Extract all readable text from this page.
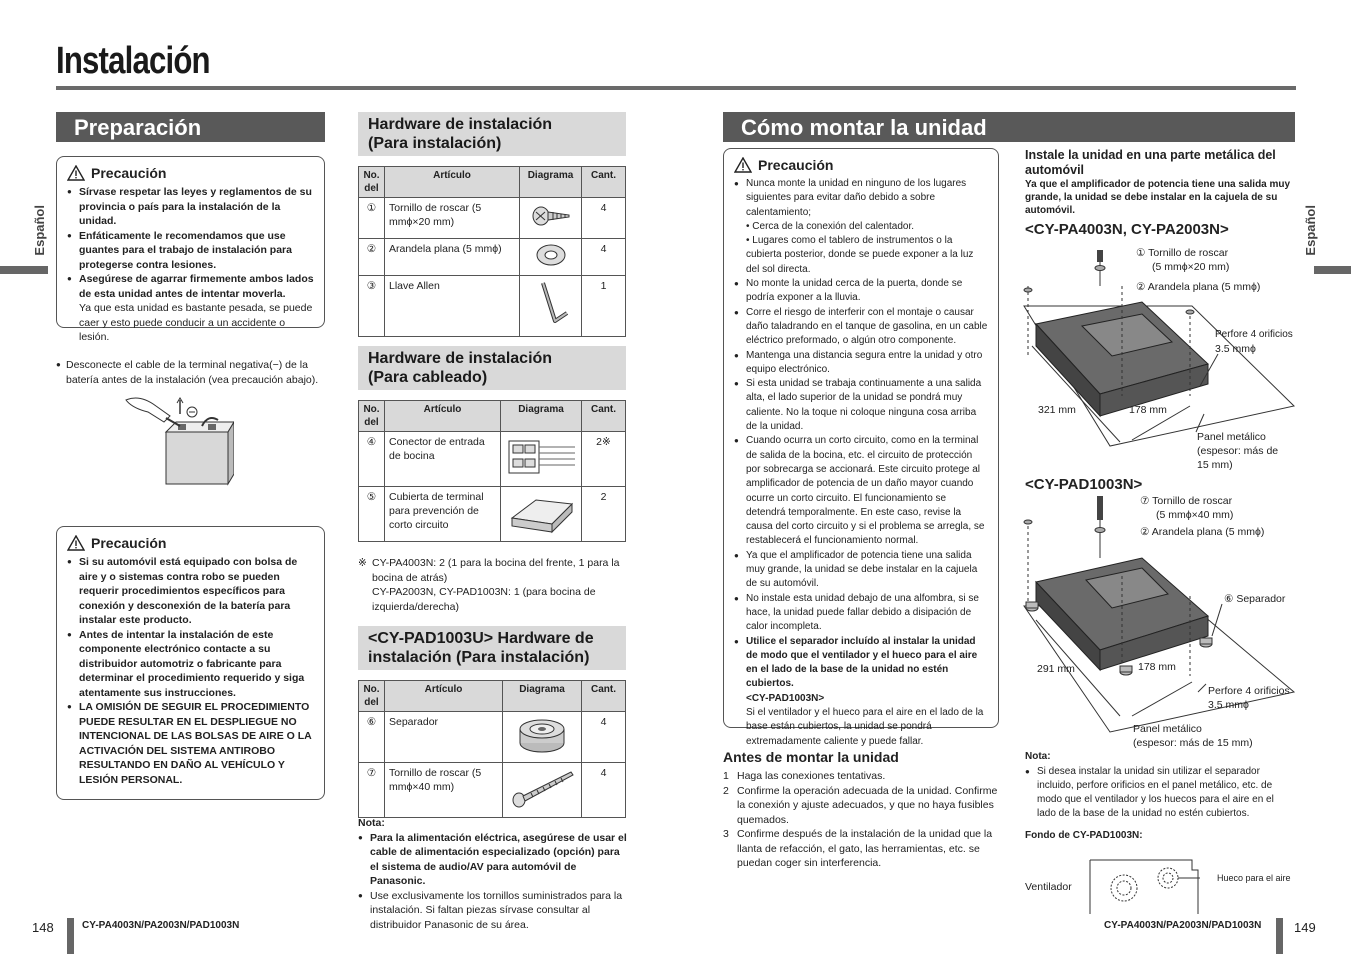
Instalación
Español	Español
Preparación
Precaución
● Sírvase respetar las leyes y reglamentos de su provincia o país para la instalación de la unidad.
● Enfáticamente le recomendamos que use guantes para el trabajo de instalación para protegerse contra lesiones.
● Asegúrese de agarrar firmemente ambos lados de esta unidad antes de intentar moverla.
Ya que esta unidad es bastante pesada, se puede caer y esto puede conducir a un accidente o lesión.
● Desconecte el cable de la terminal negativa(−) de la batería antes de la instalación (vea precaución abajo).
Precaución
● Si su automóvil está equipado con bolsa de aire y o sistemas contra robo se pueden requerir procedimientos específicos para conexión y desconexión de la batería para instalar este producto.
● Antes de intentar la instalación de este componente electrónico contacte a su distribuidor automotriz o fabricante para determinar el procedimiento requerido y siga atentamente sus instrucciones.
● LA OMISIÓN DE SEGUIR EL PROCEDIMIENTO PUEDE RESULTAR EN EL DESPLIEGUE NO INTENCIONAL DE LAS BOLSAS DE AIRE O LA ACTIVACIÓN DEL SISTEMA ANTIROBO RESULTANDO EN DAÑO AL VEHÍCULO Y LESIÓN PERSONAL.
Hardware de instalación
(Para instalación)
No. del	Artículo	Diagrama	Cant.
①	Tornillo de roscar (5 mmϕ×20 mm)		4
②	Arandela plana (5 mmϕ)		4
③	Llave Allen		1
Hardware de instalación
(Para cableado)
No. del	Artículo	Diagrama	Cant.
④	Conector de entrada de bocina		2※
⑤	Cubierta de terminal para prevención de corto circuito		2
※ CY-PA4003N: 2 (1 para la bocina del frente, 1 para la bocina de atrás)
CY-PA2003N, CY-PAD1003N: 1 (para bocina de izquierda/derecha)
<CY-PAD1003U> Hardware de
instalación (Para instalación)
No. del	Artículo	Diagrama	Cant.
⑥	Separador		4
⑦	Tornillo de roscar (5 mmϕ×40 mm)		4
Nota:
● Para la alimentación eléctrica, asegúrese de usar el cable de alimentación especializado (opción) para el sistema de audio/AV para automóvil de Panasonic.
● Use exclusivamente los tornillos suministrados para la instalación. Si faltan piezas sírvase consultar al distribuidor Panasonic de su área.
Cómo montar la unidad
Precaución
● Nunca monte la unidad en ninguno de los lugares siguientes para evitar daño debido a sobre calentamiento;
• Cerca de la conexión del calentador.
• Lugares como el tablero de instrumentos o la cubierta posterior, donde se puede exponer a la luz del sol directa.
● No monte la unidad cerca de la puerta, donde se podría exponer a la lluvia.
● Corre el riesgo de interferir con el montaje o causar daño taladrando en el tanque de gasolina, en un cable eléctrico preformado, o algún otro componente.
● Mantenga una distancia segura entre la unidad y otro equipo electrónico.
● Si esta unidad se trabaja continuamente a una salida alta, el lado superior de la unidad se pondrá muy caliente. No la toque ni coloque ninguna cosa arriba de la unidad.
● Cuando ocurra un corto circuito, como en la terminal de salida de la bocina, etc. el circuito de protección por sobrecarga se accionará. Este circuito protege al amplificador de potencia de un daño mayor cuando ocurre un corto circuito. El funcionamiento se detendrá temporalmente. En este caso, revise la causa del corto circuito y si el problema se arregla, se restablecerá el funcionamiento normal.
● Ya que el amplificador de potencia tiene una salida muy grande, la unidad se debe instalar en la cajuela de su automóvil.
● No instale esta unidad debajo de una alfombra, si se hace, la unidad puede fallar debido a disipación de calor incompleta.
● Utilice el separador incluído al instalar la unidad de modo que el ventilador y el hueco para el aire en el lado de la base de la unidad no estén cubiertos.
<CY-PAD1003N>
Si el ventilador y el hueco para el aire en el lado de la base están cubiertos, la unidad se pondrá extremadamente caliente y puede fallar.
Antes de montar la unidad
1 Haga las conexiones tentativas.
2 Confirme la operación adecuada de la unidad. Confirme la conexión y ajuste adecuados, y que no haya fusibles quemados.
3 Confirme después de la instalación de la unidad que la llanta de refacción, el gato, las herramientas, etc. se puedan coger sin interferencia.
Instale la unidad en una parte metálica del automóvil
Ya que el amplificador de potencia tiene una salida muy grande, la unidad se debe instalar en la cajuela de su automóvil.
<CY-PA4003N, CY-PA2003N>
① Tornillo de roscar
(5 mmϕ×20 mm)
② Arandela plana (5 mmϕ)
Perfore 4 orificios
3.5 mmϕ
321 mm	178 mm
Panel metálico
(espesor: más de
15 mm)
<CY-PAD1003N>
⑦ Tornillo de roscar
(5 mmϕ×40 mm)
② Arandela plana (5 mmϕ)
⑥ Separador
291 mm	178 mm
Perfore 4 orificios
3.5 mmϕ
Panel metálico
(espesor: más de 15 mm)
Nota:
● Si desea instalar la unidad sin utilizar el separador incluido, perfore orificios en el panel metálico, etc. de modo que el ventilador y los huecos para el aire en el lado de la base de la unidad no estén cubiertos.
Fondo de CY-PAD1003N:
Ventilador
Hueco para el aire
148	CY-PA4003N/PA2003N/PAD1003N	CY-PA4003N/PA2003N/PAD1003N	149
